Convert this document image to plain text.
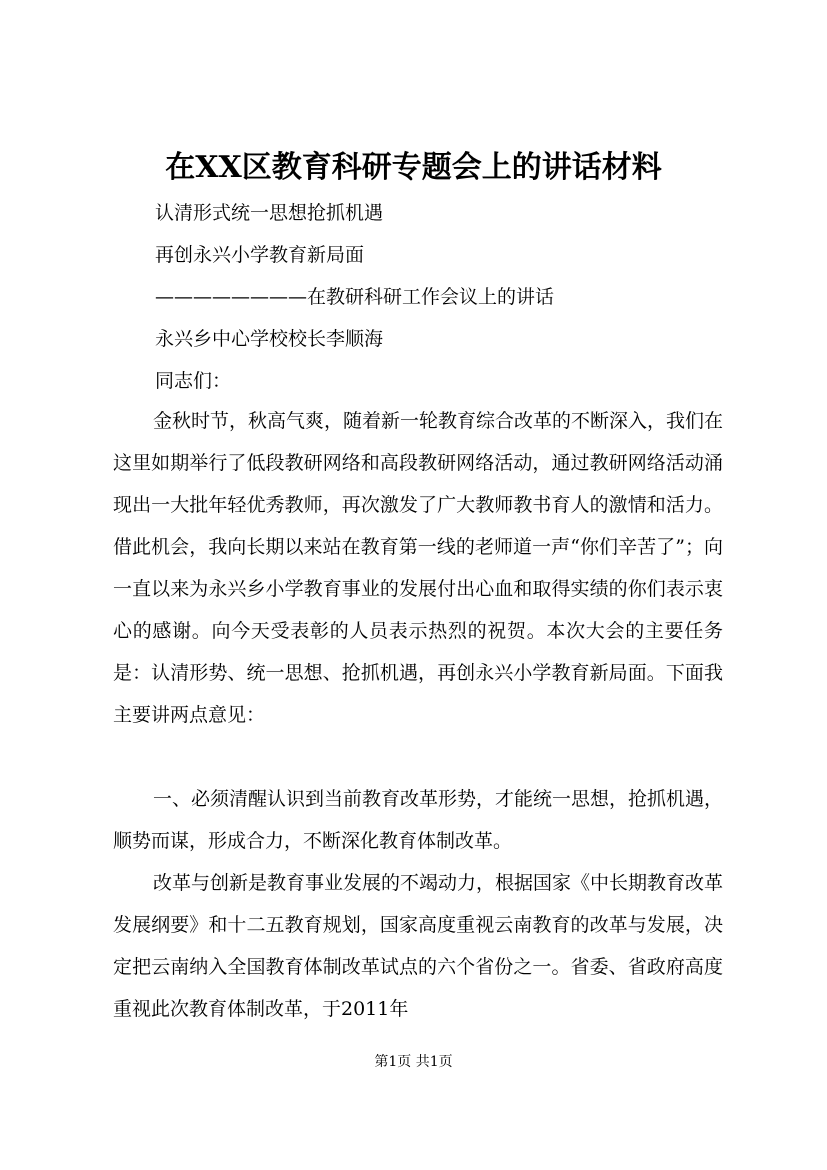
在XX区教育科研专题会上的讲话材料

认清形式统一思想抢抓机遇

再创永兴小学教育新局面

————————在教研科研工作会议上的讲话

永兴乡中心学校校长李顺海

同志们：

金秋时节，秋高气爽，随着新一轮教育综合改革的不断深入，我们在这里如期举行了低段教研网络和高段教研网络活动，通过教研网络活动涌现出一大批年轻优秀教师，再次激发了广大教师教书育人的激情和活力。借此机会，我向长期以来站在教育第一线的老师道一声“你们辛苦了”；向一直以来为永兴乡小学教育事业的发展付出心血和取得实绩的你们表示衷心的感谢。向今天受表彰的人员表示热烈的祝贺。本次大会的主要任务是：认清形势、统一思想、抢抓机遇，再创永兴小学教育新局面。下面我主要讲两点意见：

一、必须清醒认识到当前教育改革形势，才能统一思想，抢抓机遇，顺势而谋，形成合力，不断深化教育体制改革。

改革与创新是教育事业发展的不竭动力，根据国家《中长期教育改革发展纲要》和十二五教育规划，国家高度重视云南教育的改革与发展，决定把云南纳入全国教育体制改革试点的六个省份之一。省委、省政府高度重视此次教育体制改革，于2011年

第1页 共1页
